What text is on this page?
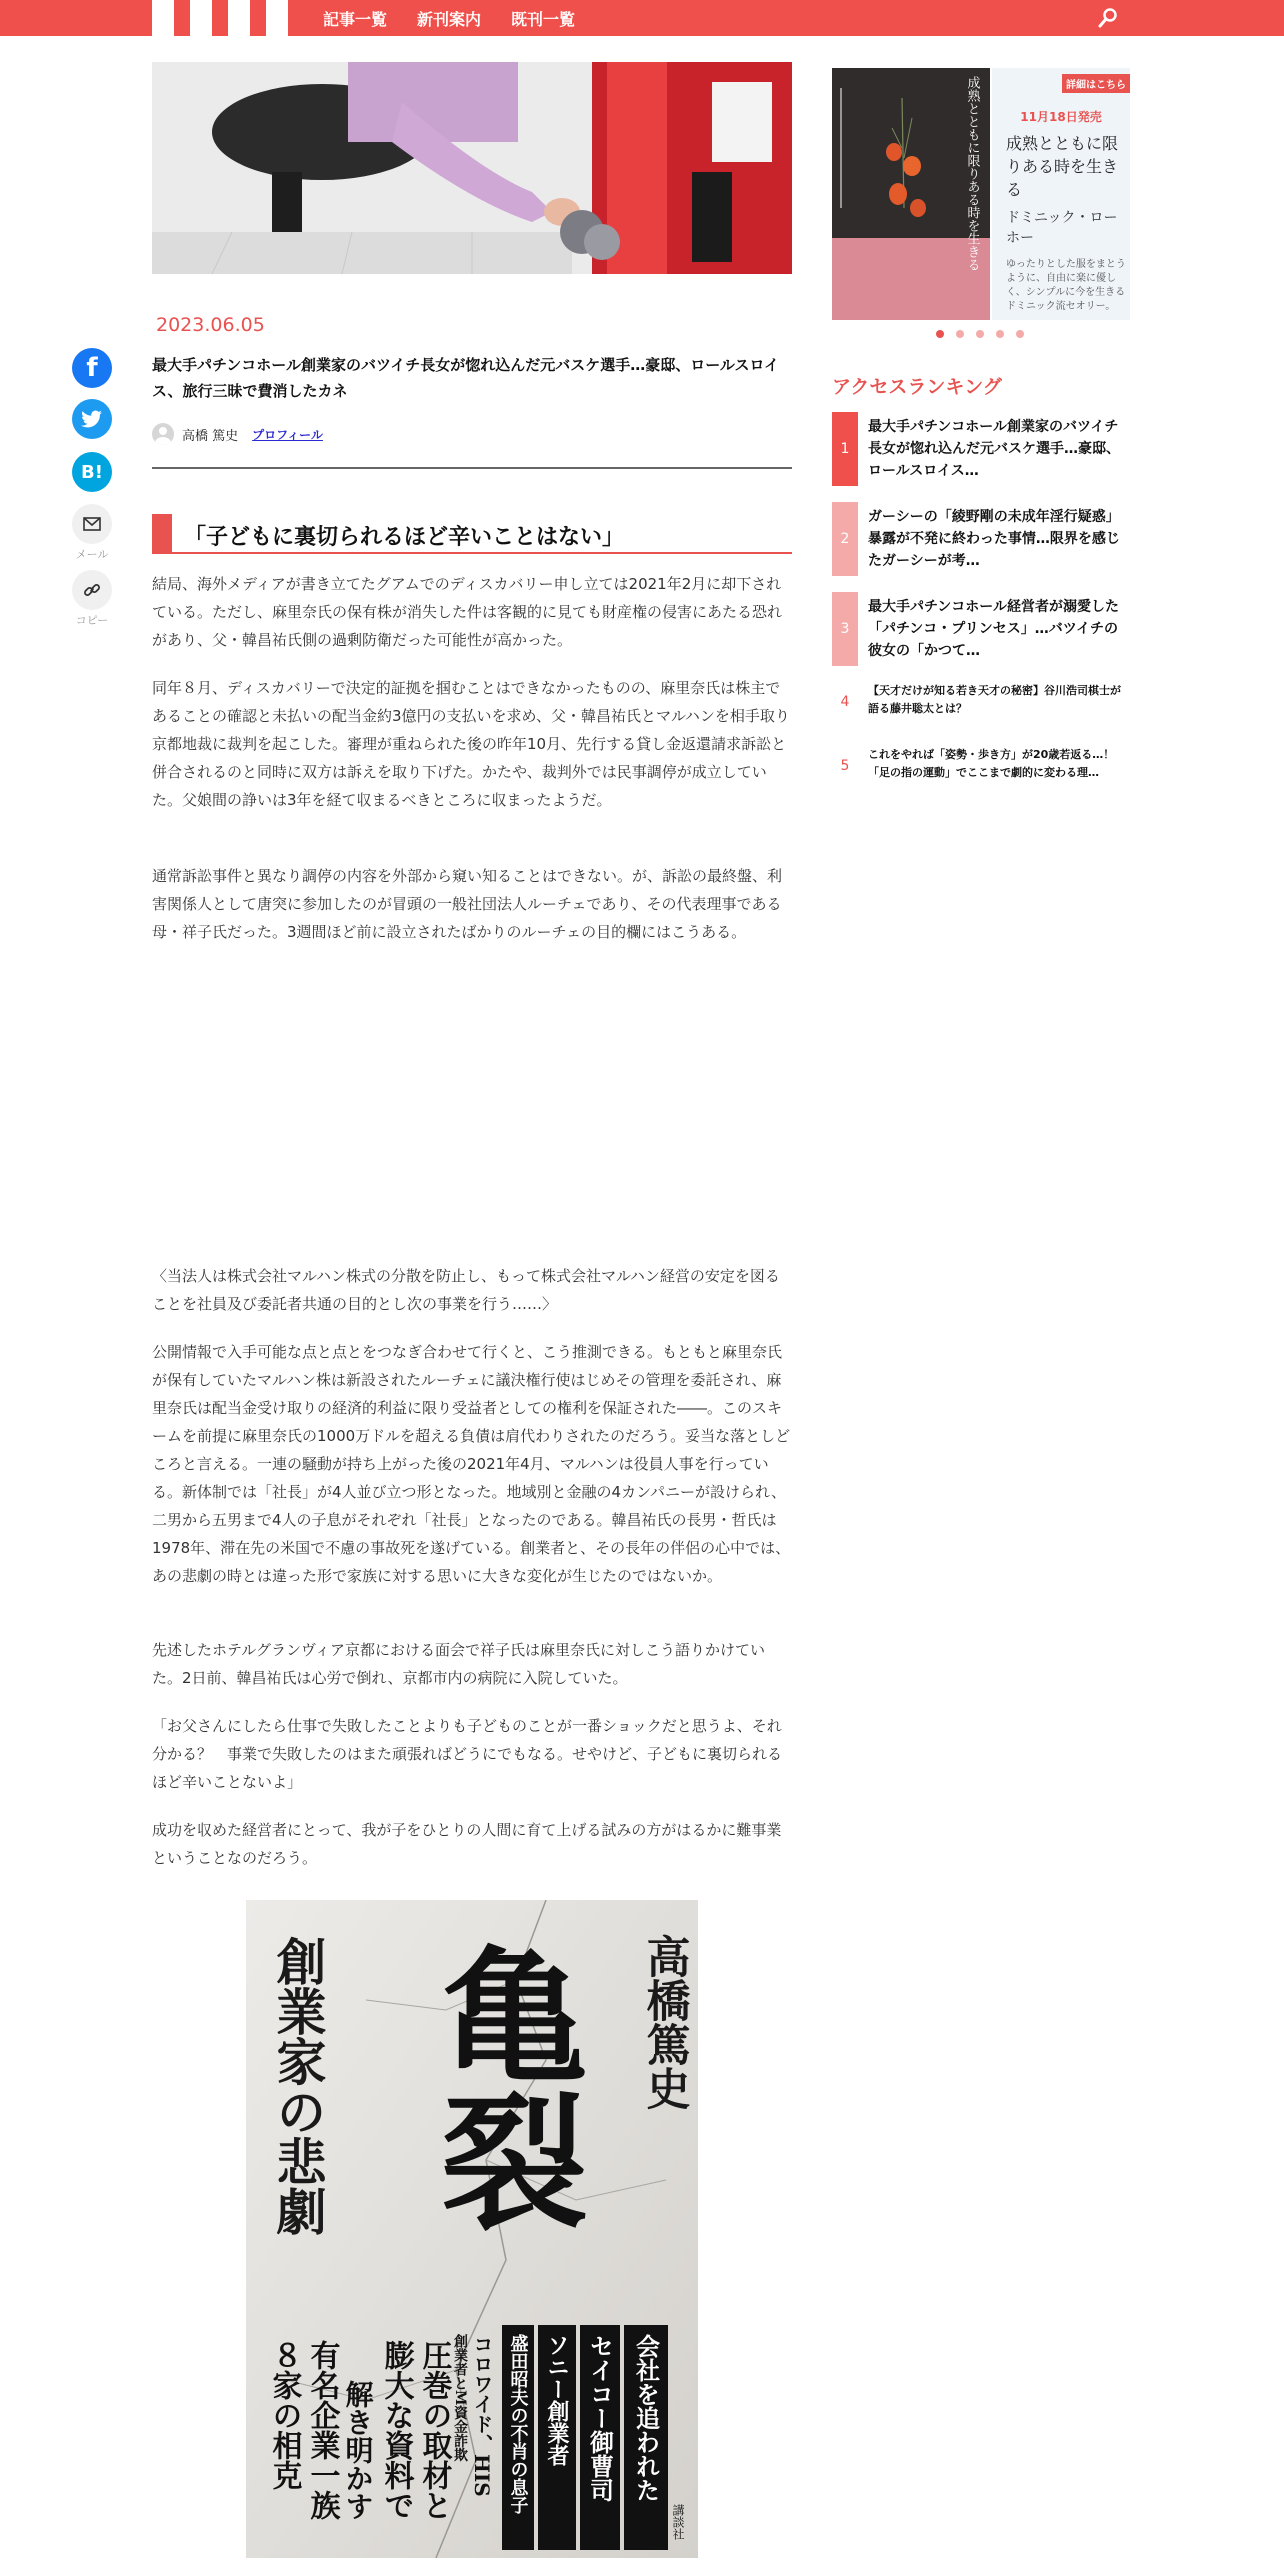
記事一覧 新刊案内 既刊一覧
f
B!
メール
コピー
2023.06.05
最大手パチンコホール創業家のバツイチ長女が惚れ込んだ元バスケ選手…豪邸、ロールスロイス、旅行三昧で費消したカネ
高橋 篤史 プロフィール
「子どもに裏切られるほど辛いことはない」

結局、海外メディアが書き立てたグアムでのディスカバリー申し立ては2021年2月に却下されている。ただし、麻里奈氏の保有株が消失した件は客観的に見ても財産権の侵害にあたる恐れがあり、父・韓昌祐氏側の過剰防衛だった可能性が高かった。

同年８月、ディスカバリーで決定的証拠を掴むことはできなかったものの、麻里奈氏は株主であることの確認と未払いの配当金約3億円の支払いを求め、父・韓昌祐氏とマルハンを相手取り京都地裁に裁判を起こした。審理が重ねられた後の昨年10月、先行する貸し金返還請求訴訟と併合されるのと同時に双方は訴えを取り下げた。かたや、裁判外では民事調停が成立していた。父娘間の諍いは3年を経て収まるべきところに収まったようだ。

通常訴訟事件と異なり調停の内容を外部から窺い知ることはできない。が、訴訟の最終盤、利害関係人として唐突に参加したのが冒頭の一般社団法人ルーチェであり、その代表理事である母・祥子氏だった。3週間ほど前に設立されたばかりのルーチェの目的欄にはこうある。

〈当法人は株式会社マルハン株式の分散を防止し、もって株式会社マルハン経営の安定を図ることを社員及び委託者共通の目的とし次の事業を行う……〉

公開情報で入手可能な点と点とをつなぎ合わせて行くと、こう推測できる。もともと麻里奈氏が保有していたマルハン株は新設されたルーチェに議決権行使はじめその管理を委託され、麻里奈氏は配当金受け取りの経済的利益に限り受益者としての権利を保証された――。このスキームを前提に麻里奈氏の1000万ドルを超える負債は肩代わりされたのだろう。妥当な落としどころと言える。一連の騒動が持ち上がった後の2021年4月、マルハンは役員人事を行っている。新体制では「社長」が4人並び立つ形となった。地域別と金融の4カンパニーが設けられ、二男から五男まで4人の子息がそれぞれ「社長」となったのである。韓昌祐氏の長男・哲氏は1978年、滞在先の米国で不慮の事故死を遂げている。創業者と、その長年の伴侶の心中では、あの悲劇の時とは違った形で家族に対する思いに大きな変化が生じたのではないか。

先述したホテルグランヴィア京都における面会で祥子氏は麻里奈氏に対しこう語りかけていた。2日前、韓昌祐氏は心労で倒れ、京都市内の病院に入院していた。

「お父さんにしたら仕事で失敗したことよりも子どものことが一番ショックだと思うよ、それ分かる？　事業で失敗したのはまた頑張ればどうにでもなる。せやけど、子どもに裏切られるほど辛いことないよ」

成功を収めた経営者にとって、我が子をひとりの人間に育て上げる試みの方がはるかに難事業ということなのだろう。

高橋篤史
亀裂
創業家の悲劇
圧巻の取材と
膨大な資料で
解き明かす
有名企業一族
８家の相克	会社を追われた
セイコー御曹司
ソニー創業者
盛田昭夫の不肖の息子
コロワイド、HIS
創業者とM資金詐欺
講談社
成熟とともに限りある時を生きる	詳細はこちら
11月18日発売
成熟とともに限りある時を生きる
ドミニック・ローホー
ゆったりとした服をまとうように、自由に楽に優しく、シンプルに今を生きるドミニック流セオリー。
アクセスランキング
1
最大手パチンコホール創業家のバツイチ長女が惚れ込んだ元バスケ選手…豪邸、ロールスロイス…
2
ガーシーの「綾野剛の未成年淫行疑惑」暴露が不発に終わった事情…限界を感じたガーシーが考…
3
最大手パチンコホール経営者が溺愛した「パチンコ・プリンセス」…バツイチの彼女の「かつて…
4
【天才だけが知る若き天才の秘密】谷川浩司棋士が語る藤井聡太とは？
5
これをやれば「姿勢・歩き方」が20歳若返る…！　「足の指の運動」でここまで劇的に変わる理…
